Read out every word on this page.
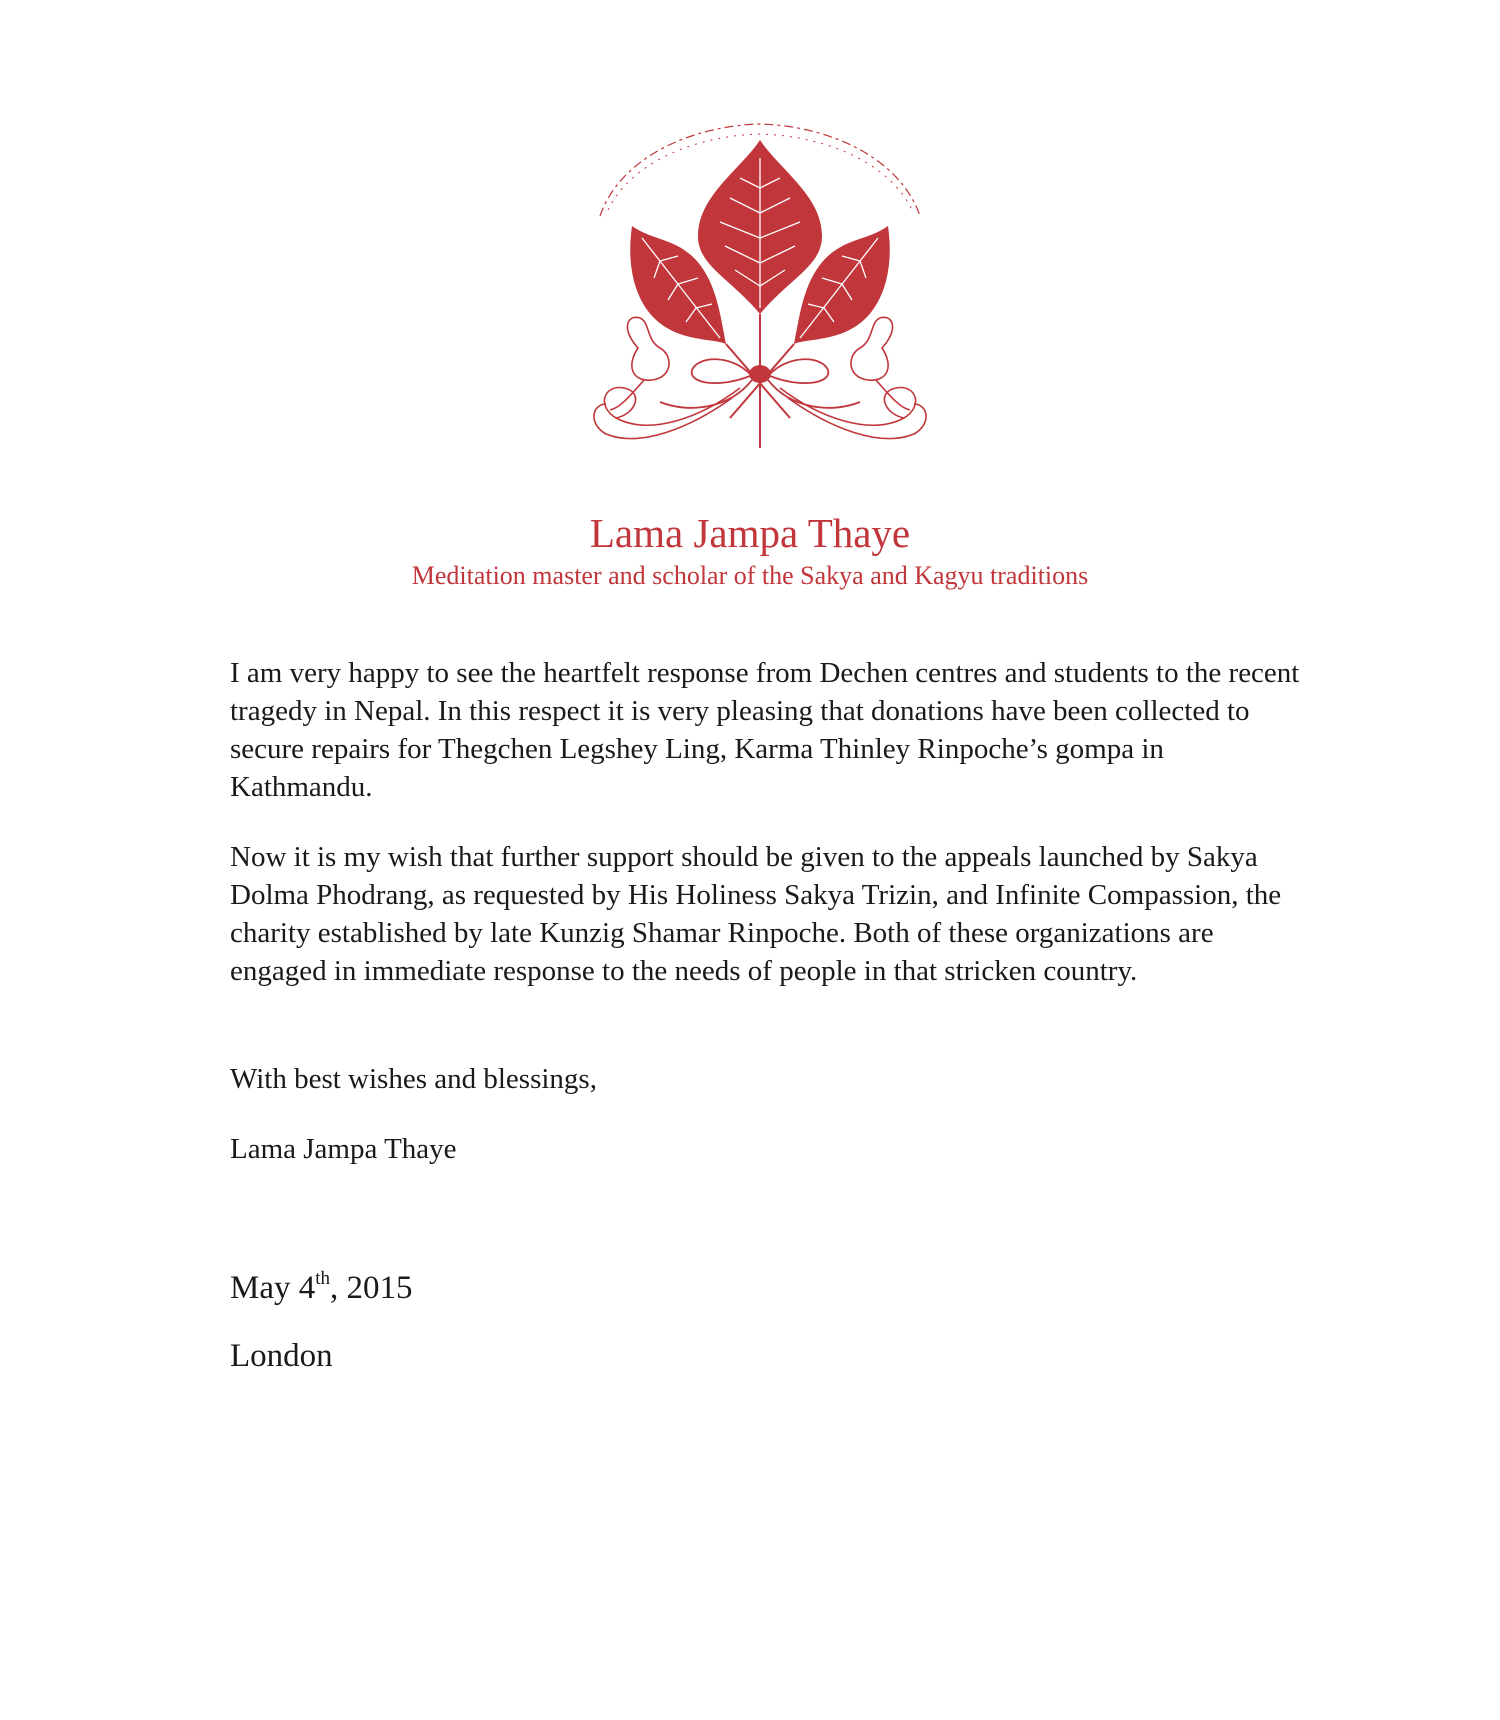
Lama Jampa Thaye
Meditation master and scholar of the Sakya and Kagyu traditions
I am very happy to see the heartfelt response from Dechen centres and students to the recent tragedy in Nepal. In this respect it is very pleasing that donations have been collected to secure repairs for Thegchen Legshey Ling, Karma Thinley Rinpoche’s gompa in Kathmandu.
Now it is my wish that further support should be given to the appeals launched by Sakya Dolma Phodrang, as requested by His Holiness Sakya Trizin, and Infinite Compassion, the charity established by late Kunzig Shamar Rinpoche. Both of these organizations are engaged in immediate response to the needs of people in that stricken country.
With best wishes and blessings,
Lama Jampa Thaye
May 4th, 2015
London
